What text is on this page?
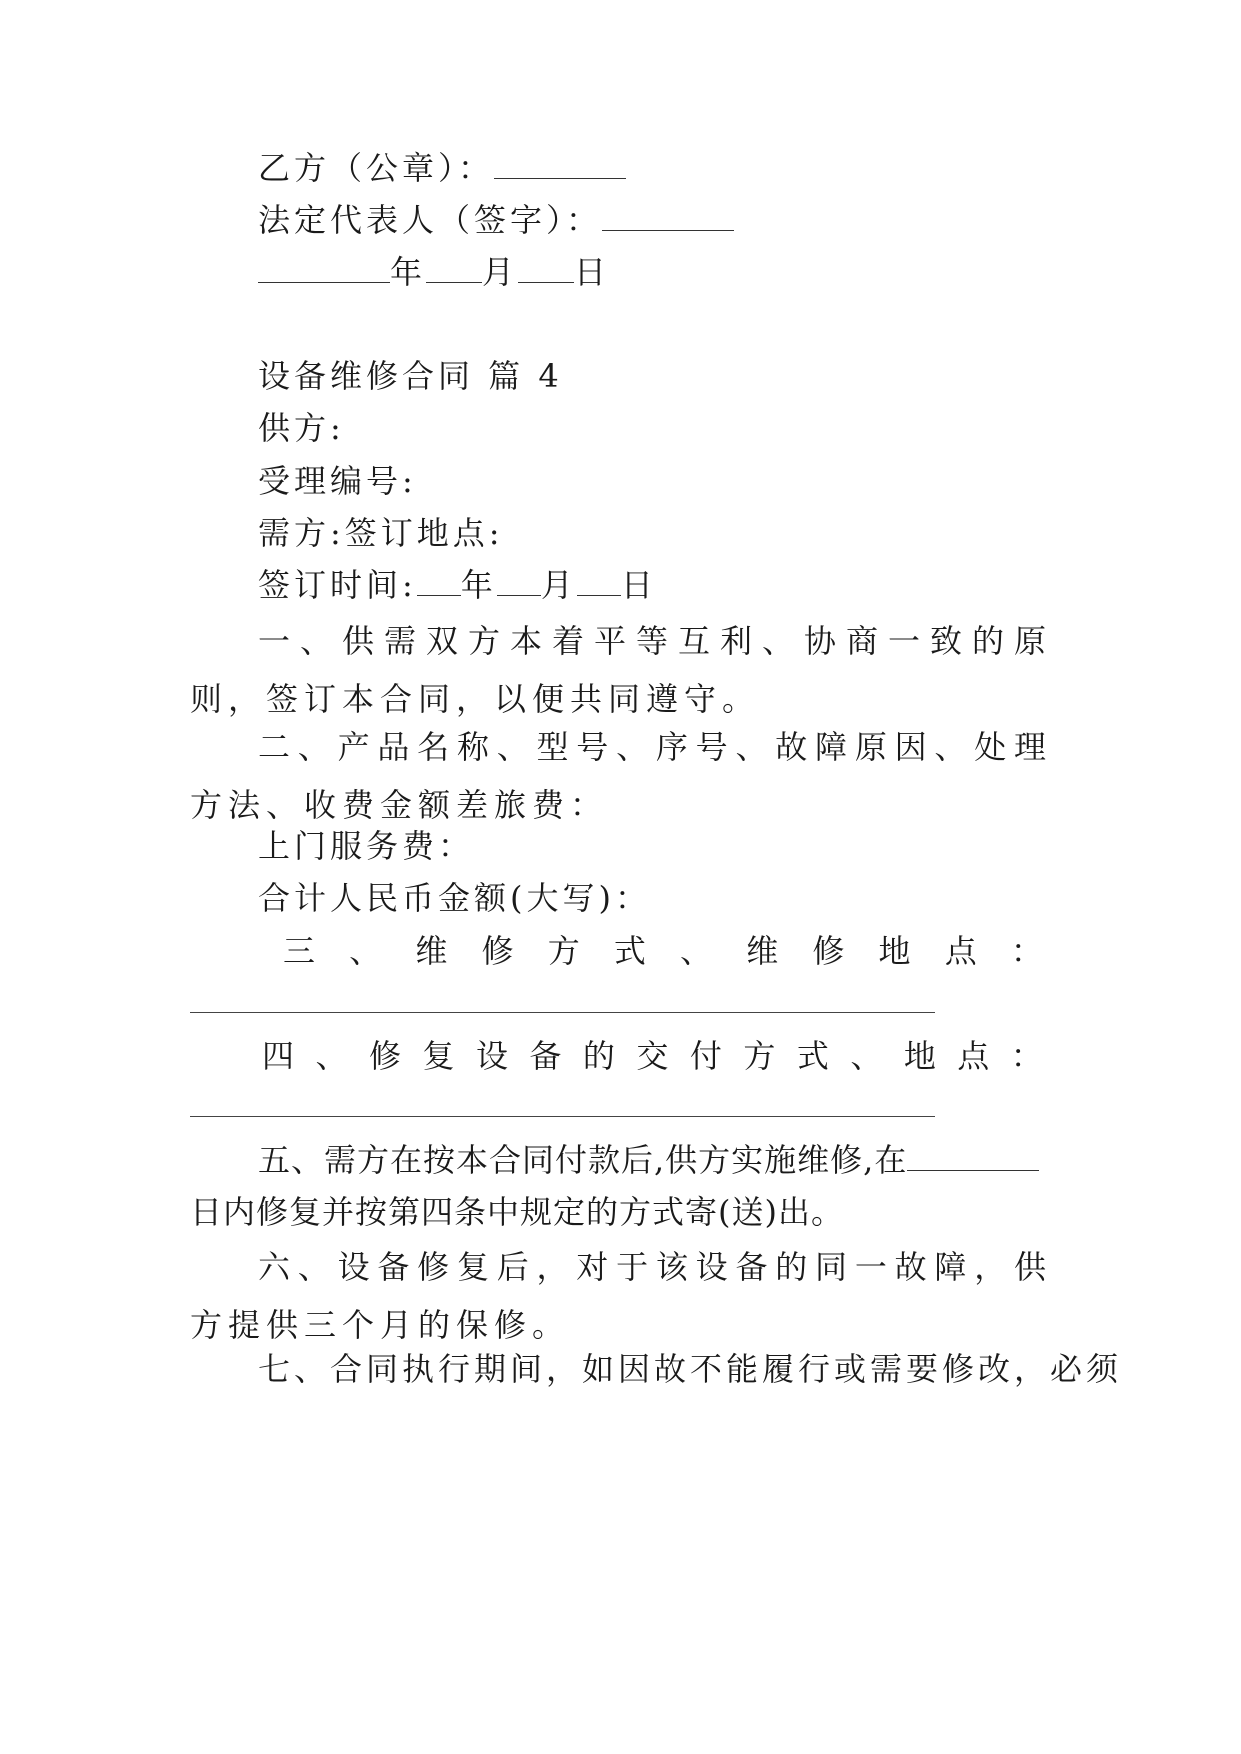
乙方（公章）：
法定代表人（签字）：
年 月 日
设备维修合同 篇 4
供方:
受理编号:
需方:签订地点:
签订时间: 年 月 日
一、供需双方本着平等互利、协商一致的原则，签订本合同，以便共同遵守。
二、产品名称、型号、序号、故障原因、处理方法、收费金额差旅费：
上门服务费：
合计人民币金额(大写)：
三 、 维 修 方 式 、 维 修 地 点 ：
四 、 修 复 设 备 的 交 付 方 式 、 地 点 ：
五、需方在按本合同付款后,供方实施维修,在
日内修复并按第四条中规定的方式寄(送)出。
六、设备修复后，对于该设备的同一故障，供方提供三个月的保修。
七、合同执行期间，如因故不能履行或需要修改，必须
